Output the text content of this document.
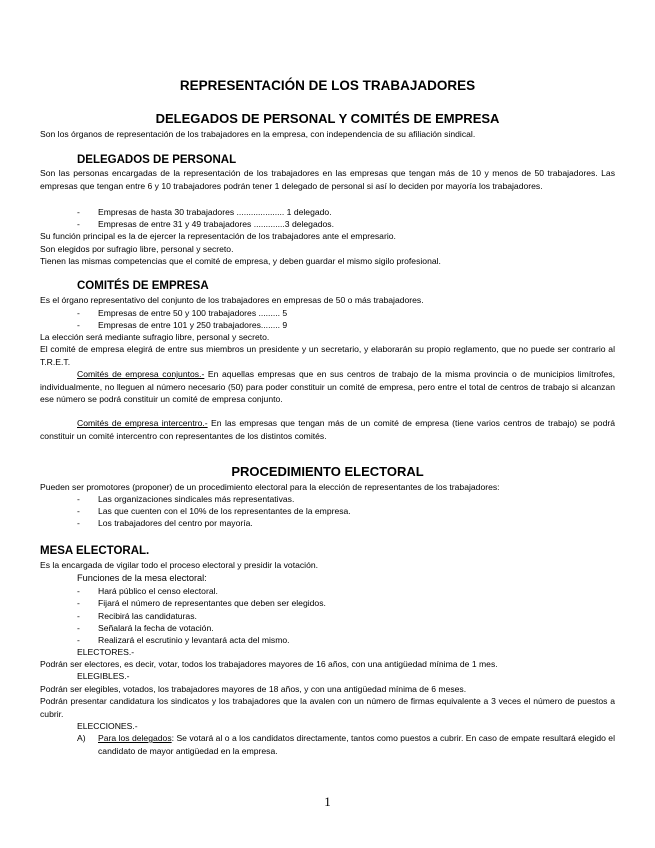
REPRESENTACIÓN DE LOS TRABAJADORES
DELEGADOS DE PERSONAL Y COMITÉS DE EMPRESA
Son los órganos de representación de los trabajadores en la empresa, con independencia de su afiliación sindical.
DELEGADOS DE PERSONAL
Son las personas encargadas de la representación de los trabajadores en las empresas que tengan más de 10 y menos de 50 trabajadores. Las empresas que tengan entre 6 y 10 trabajadores podrán tener 1 delegado de personal si así lo deciden por mayoría los trabajadores.
-	Empresas de hasta 30 trabajadores .................... 1 delegado.
-	Empresas de entre 31 y 49 trabajadores .............3 delegados.
Su función principal es la de ejercer la representación de los trabajadores ante el empresario.
Son elegidos por sufragio libre, personal y secreto.
Tienen las mismas competencias que el comité de empresa, y deben guardar el mismo sigilo profesional.
COMITÉS DE EMPRESA
Es el órgano representativo del conjunto de los trabajadores en empresas de 50 o más trabajadores.
-	Empresas de entre 50 y 100 trabajadores ......... 5
-	Empresas de entre 101 y 250 trabajadores........ 9
La elección será mediante sufragio libre, personal y secreto.
El comité de empresa elegirá de entre sus miembros un presidente y un secretario, y elaborarán su propio reglamento, que no puede ser contrario al T.R.E.T.
Comités de empresa conjuntos.- En aquellas empresas que en sus centros de trabajo de la misma provincia o de municipios limítrofes, individualmente, no lleguen al número necesario (50) para poder constituir un comité de empresa, pero entre el total de centros de trabajo si alcanzan ese número se podrá constituir un comité de empresa conjunto.
Comités de empresa intercentro.- En las empresas que tengan más de un comité de empresa (tiene varios centros de trabajo) se podrá constituir un comité intercentro con representantes de los distintos comités.
PROCEDIMIENTO ELECTORAL
Pueden ser promotores (proponer) de un procedimiento electoral para la elección de representantes de los trabajadores:
-	Las organizaciones sindicales más representativas.
-	Las que cuenten con el 10% de los representantes de la empresa.
-	Los trabajadores del centro por mayoría.
MESA ELECTORAL.
Es la encargada de vigilar todo el proceso electoral y presidir la votación.
Funciones de la mesa electoral:
-	Hará público el censo electoral.
-	Fijará el número de representantes que deben ser elegidos.
-	Recibirá las candidaturas.
-	Señalará la fecha de votación.
-	Realizará el escrutinio y levantará acta del mismo.
ELECTORES.-
Podrán ser electores, es decir, votar, todos los trabajadores mayores de 16 años, con una antigüedad mínima de 1 mes.
ELEGIBLES.-
Podrán ser elegibles, votados, los trabajadores mayores de 18 años, y con una antigüedad mínima de 6 meses.
Podrán presentar candidatura los sindicatos y los trabajadores que la avalen con un número de firmas equivalente a 3 veces el número de puestos a cubrir.
ELECCIONES.-
A)	Para los delegados: Se votará al o a los candidatos directamente, tantos como puestos a cubrir. En caso de empate resultará elegido el candidato de mayor antigüedad en la empresa.
1
